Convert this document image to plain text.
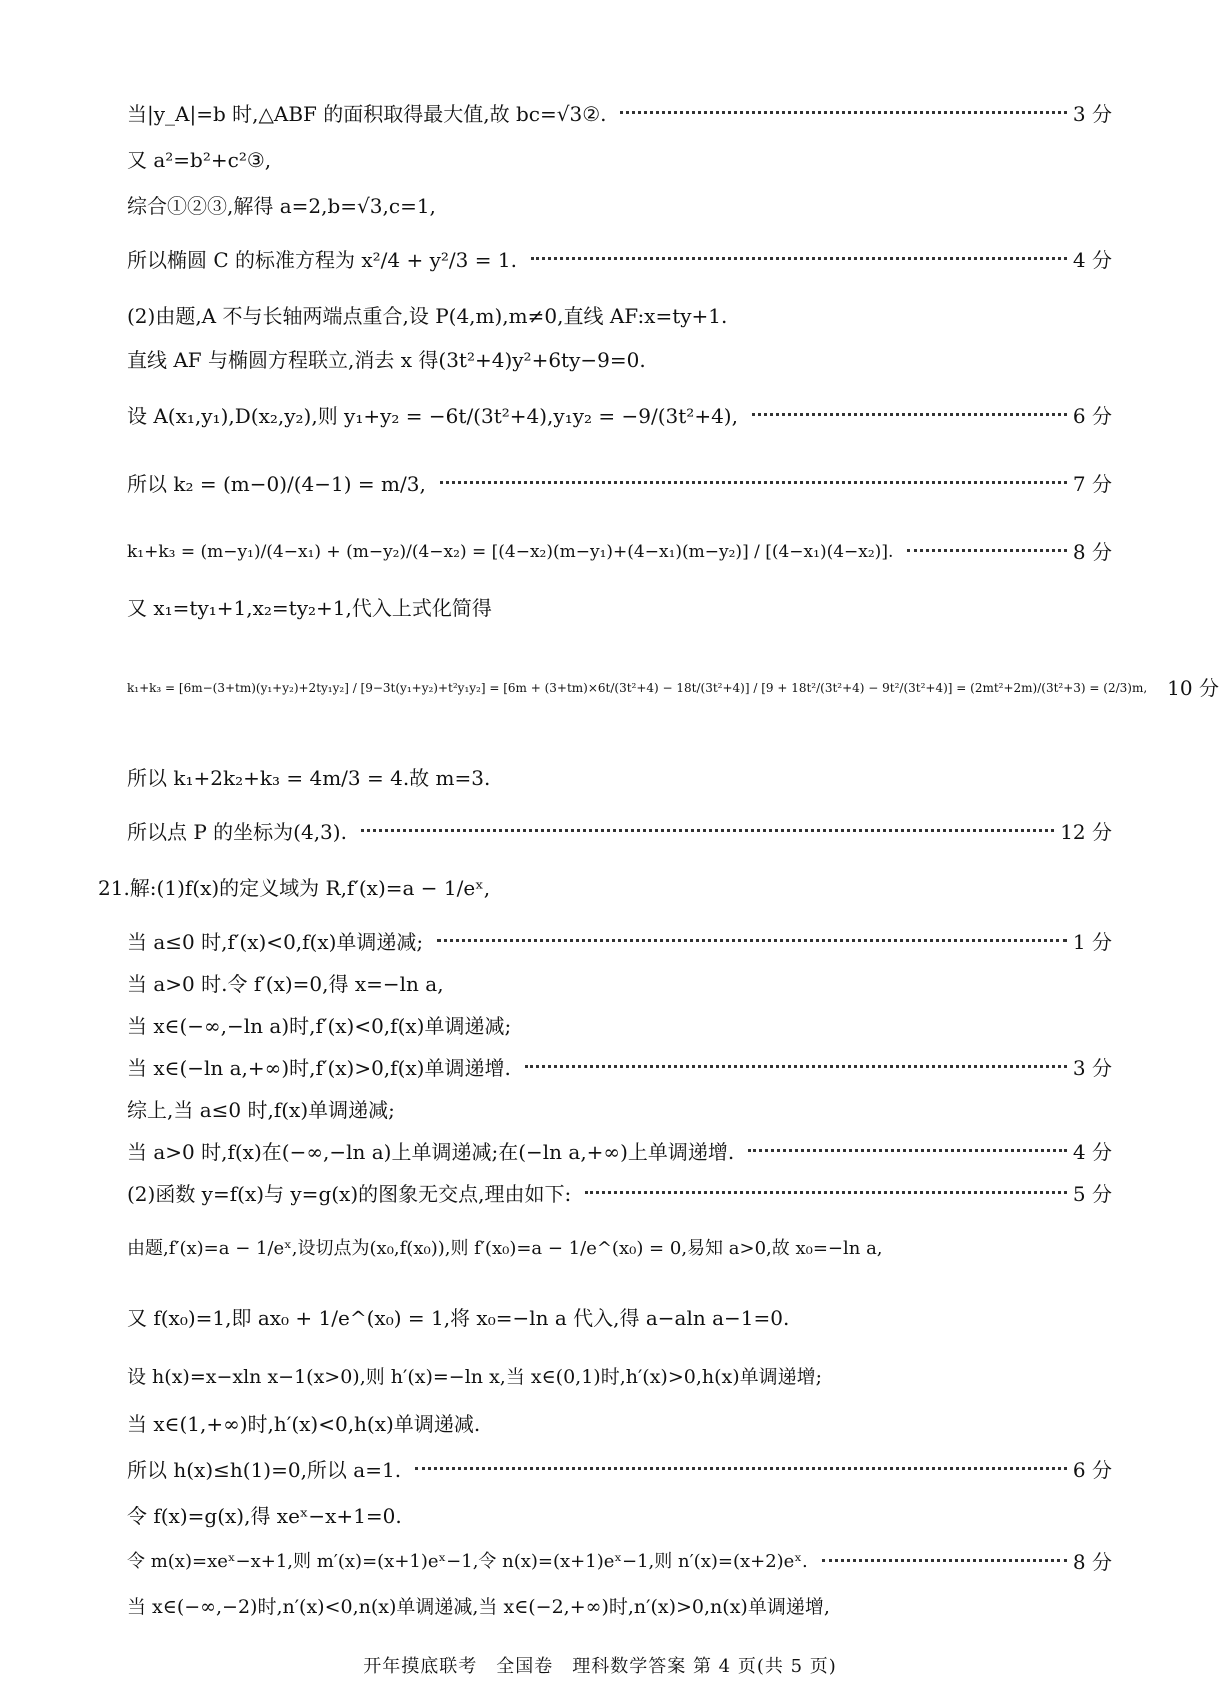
当|y_A|=b 时,△ABF 的面积取得最大值,故 bc=√3②.	3 分
又 a²=b²+c²③,
综合①②③,解得 a=2,b=√3,c=1,
所以椭圆 C 的标准方程为 x²/4 + y²/3 = 1.	4 分
(2)由题,A 不与长轴两端点重合,设 P(4,m),m≠0,直线 AF:x=ty+1.
直线 AF 与椭圆方程联立,消去 x 得(3t²+4)y²+6ty−9=0.
设 A(x₁,y₁),D(x₂,y₂),则 y₁+y₂ = −6t/(3t²+4),y₁y₂ = −9/(3t²+4),	6 分
所以 k₂ = (m−0)/(4−1) = m/3,	7 分
k₁+k₃ = (m−y₁)/(4−x₁) + (m−y₂)/(4−x₂) = [(4−x₂)(m−y₁)+(4−x₁)(m−y₂)] / [(4−x₁)(4−x₂)].	8 分
又 x₁=ty₁+1,x₂=ty₂+1,代入上式化简得
k₁+k₃ = [6m−(3+tm)(y₁+y₂)+2ty₁y₂] / [9−3t(y₁+y₂)+t²y₁y₂] = [6m + (3+tm)×6t/(3t²+4) − 18t/(3t²+4)] / [9 + 18t²/(3t²+4) − 9t²/(3t²+4)] = (2mt²+2m)/(3t²+3) = (2/3)m, 10 分
所以 k₁+2k₂+k₃ = 4m/3 = 4.故 m=3.
所以点 P 的坐标为(4,3).	12 分
21.解:(1)f(x)的定义域为 R,f′(x)=a − 1/eˣ,
当 a≤0 时,f′(x)<0,f(x)单调递减;	1 分
当 a>0 时.令 f′(x)=0,得 x=−ln a,
当 x∈(−∞,−ln a)时,f′(x)<0,f(x)单调递减;
当 x∈(−ln a,+∞)时,f′(x)>0,f(x)单调递增.	3 分
综上,当 a≤0 时,f(x)单调递减;
当 a>0 时,f(x)在(−∞,−ln a)上单调递减;在(−ln a,+∞)上单调递增.	4 分
(2)函数 y=f(x)与 y=g(x)的图象无交点,理由如下:	5 分
由题,f′(x)=a − 1/eˣ,设切点为(x₀,f(x₀)),则 f′(x₀)=a − 1/e^(x₀) = 0,易知 a>0,故 x₀=−ln a,
又 f(x₀)=1,即 ax₀ + 1/e^(x₀) = 1,将 x₀=−ln a 代入,得 a−aln a−1=0.
设 h(x)=x−xln x−1(x>0),则 h′(x)=−ln x,当 x∈(0,1)时,h′(x)>0,h(x)单调递增;
当 x∈(1,+∞)时,h′(x)<0,h(x)单调递减.
所以 h(x)≤h(1)=0,所以 a=1.	6 分
令 f(x)=g(x),得 xeˣ−x+1=0.
令 m(x)=xeˣ−x+1,则 m′(x)=(x+1)eˣ−1,令 n(x)=(x+1)eˣ−1,则 n′(x)=(x+2)eˣ.	8 分
当 x∈(−∞,−2)时,n′(x)<0,n(x)单调递减,当 x∈(−2,+∞)时,n′(x)>0,n(x)单调递增,
开年摸底联考　全国卷　理科数学答案 第 4 页(共 5 页)
